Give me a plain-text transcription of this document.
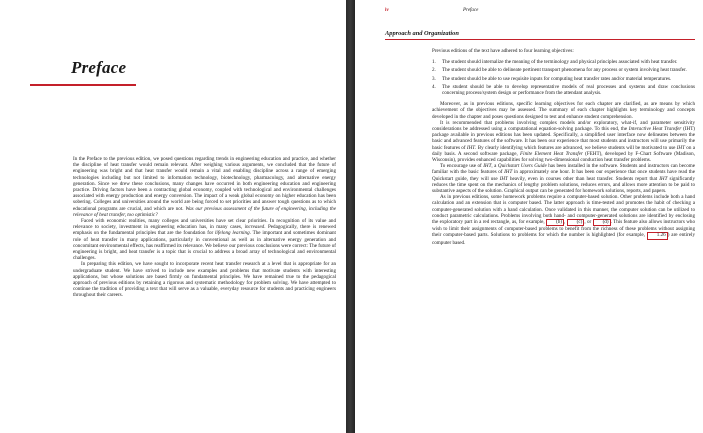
Preface

In the Preface to the previous edition, we posed questions regarding trends in engineering education and practice, and whether the discipline of heat transfer would remain relevant. After weighing various arguments, we concluded that the future of engineering was bright and that heat transfer would remain a vital and enabling discipline across a range of emerging technologies including but not limited to information technology, biotechnology, pharmacology, and alternative energy generation. Since we drew these conclusions, many changes have occurred in both engineering education and engineering practice. Driving factors have been a contracting global economy, coupled with technological and environmental challenges associated with energy production and energy conversion. The impact of a weak global economy on higher education has been sobering. Colleges and universities around the world are being forced to set priorities and answer tough questions as to which educational programs are crucial, and which are not. Was our previous assessment of the future of engineering, including the relevance of heat transfer, too optimistic?

Faced with economic realities, many colleges and universities have set clear priorities. In recognition of its value and relevance to society, investment in engineering education has, in many cases, increased. Pedagogically, there is renewed emphasis on the fundamental principles that are the foundation for lifelong learning. The important and sometimes dominant role of heat transfer in many applications, particularly in conventional as well as in alternative energy generation and concomitant environmental effects, has reaffirmed its relevance. We believe our previous conclusions were correct: The future of engineering is bright, and heat transfer is a topic that is crucial to address a broad array of technological and environmental challenges.

In preparing this edition, we have sought to incorporate recent heat transfer research at a level that is appropriate for an undergraduate student. We have strived to include new examples and problems that motivate students with interesting applications, but whose solutions are based firmly on fundamental principles. We have remained true to the pedagogical approach of previous editions by retaining a rigorous and systematic methodology for problem solving. We have attempted to continue the tradition of providing a text that will serve as a valuable, everyday resource for students and practicing engineers throughout their careers.

iv	Preface
Approach and Organization

Previous editions of the text have adhered to four learning objectives:

1. The student should internalize the meaning of the terminology and physical principles associated with heat transfer.
2. The student should be able to delineate pertinent transport phenomena for any process or system involving heat transfer.
3. The student should be able to use requisite inputs for computing heat transfer rates and/or material temperatures.
4. The student should be able to develop representative models of real processes and systems and draw conclusions concerning process/system design or performance from the attendant analysis.

Moreover, as in previous editions, specific learning objectives for each chapter are clarified, as are means by which achievement of the objectives may be assessed. The summary of each chapter highlights key terminology and concepts developed in the chapter and poses questions designed to test and enhance student comprehension.

It is recommended that problems involving complex models and/or exploratory, what-if, and parameter sensitivity considerations be addressed using a computational equation-solving package. To this end, the Interactive Heat Transfer (IHT) package available in previous editions has been updated. Specifically, a simplified user interface now delineates between the basic and advanced features of the software. It has been our experience that most students and instructors will use primarily the basic features of IHT. By clearly identifying which features are advanced, we believe students will be motivated to use IHT on a daily basis. A second software package, Finite Element Heat Transfer (FEHT), developed by F-Chart Software (Madison, Wisconsin), provides enhanced capabilities for solving two-dimensional conduction heat transfer problems.

To encourage use of IHT, a Quickstart Users Guide has been installed in the software. Students and instructors can become familiar with the basic features of IHT in approximately one hour. It has been our experience that once students have read the Quickstart guide, they will use IHT heavily, even in courses other than heat transfer. Students report that IHT significantly reduces the time spent on the mechanics of lengthy problem solutions, reduces errors, and allows more attention to be paid to substantive aspects of the solution. Graphical output can be generated for homework solutions, reports, and papers.

As in previous editions, some homework problems require a computer-based solution. Other problems include both a hand calculation and an extension that is computer based. The latter approach is time-tested and promotes the habit of checking a computer-generated solution with a hand calculation. Once validated in this manner, the computer solution can be utilized to conduct parametric calculations. Problems involving both hand- and computer-generated solutions are identified by enclosing the exploratory part in a red rectangle, as, for example, (b) , (c) , or (d) . This feature also allows instructors who wish to limit their assignments of computer-based problems to benefit from the richness of these problems without assigning their computer-based parts. Solutions to problems for which the number is highlighted (for example, 1.26 ) are entirely computer based.
